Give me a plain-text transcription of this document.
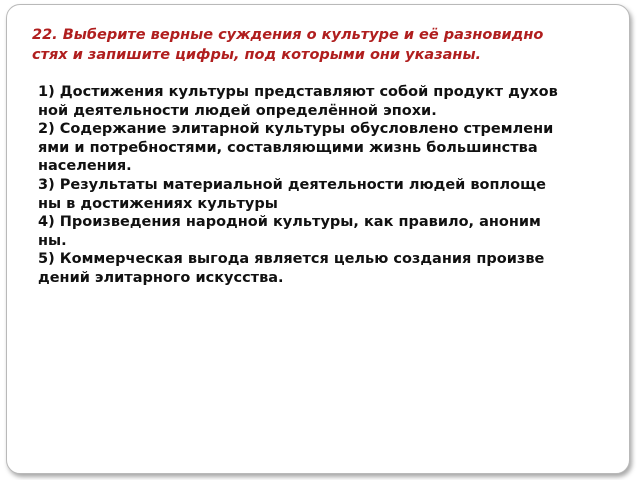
22. Выберите верные суждения о культуре и её разновидно
стях и запишите цифры, под которыми они указаны.

1) Достижения культуры представляют собой продукт духов
ной деятельности людей определённой эпохи.
2) Содержание элитарной культуры обусловлено стремлени
ями и потребностями, составляющими жизнь большинства
населения.
3) Результаты материальной деятельности людей воплоще
ны в достижениях культуры
4) Произведения народной культуры, как правило, аноним
ны.
5) Коммерческая выгода является целью создания произве
дений элитарного искусства.
